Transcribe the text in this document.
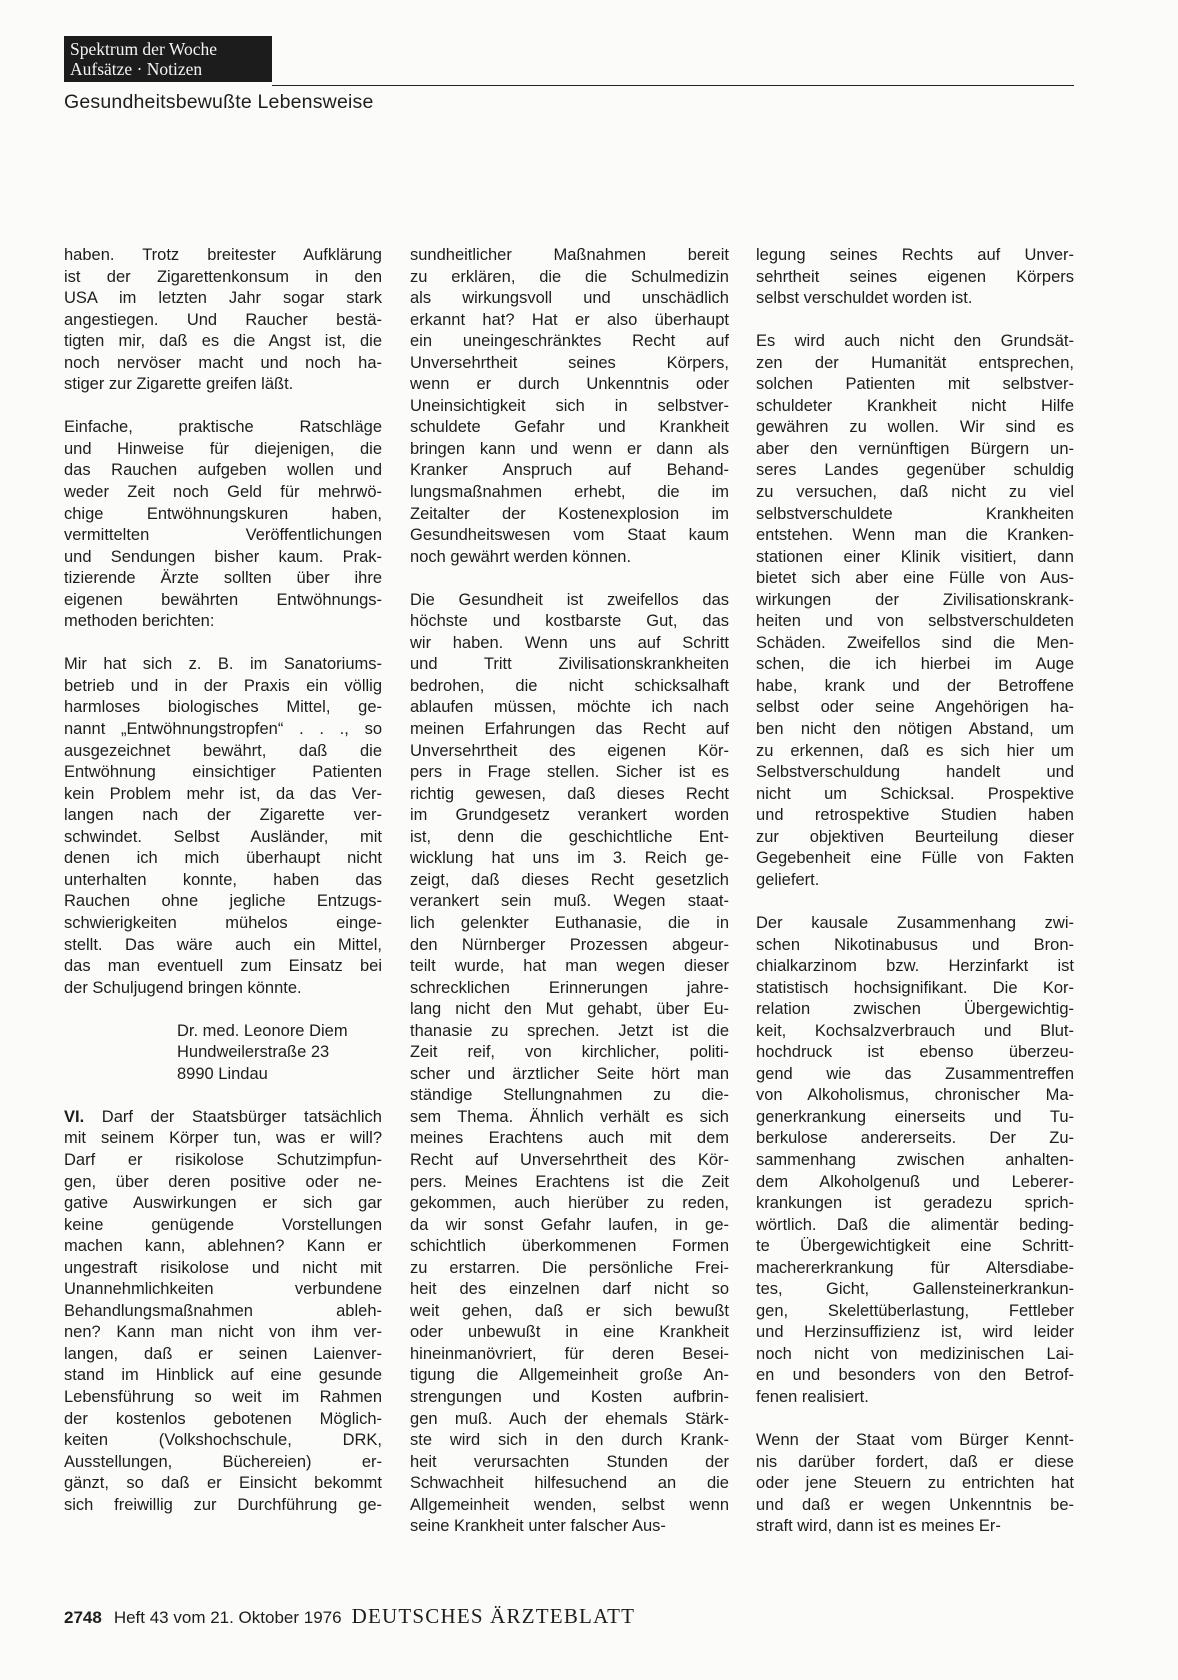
Spektrum der Woche
Aufsätze · Notizen
Gesundheitsbewußte Lebensweise

haben. Trotz breitester Aufklärung
ist der Zigarettenkonsum in den
USA im letzten Jahr sogar stark
angestiegen. Und Raucher bestä-
tigten mir, daß es die Angst ist, die
noch nervöser macht und noch ha-
stiger zur Zigarette greifen läßt.

Einfache, praktische Ratschläge
und Hinweise für diejenigen, die
das Rauchen aufgeben wollen und
weder Zeit noch Geld für mehrwö-
chige Entwöhnungskuren haben,
vermittelten Veröffentlichungen
und Sendungen bisher kaum. Prak-
tizierende Ärzte sollten über ihre
eigenen bewährten Entwöhnungs-
methoden berichten:

Mir hat sich z. B. im Sanatoriums-
betrieb und in der Praxis ein völlig
harmloses biologisches Mittel, ge-
nannt „Entwöhnungstropfen“ . . ., so
ausgezeichnet bewährt, daß die
Entwöhnung einsichtiger Patienten
kein Problem mehr ist, da das Ver-
langen nach der Zigarette ver-
schwindet. Selbst Ausländer, mit
denen ich mich überhaupt nicht
unterhalten konnte, haben das
Rauchen ohne jegliche Entzugs-
schwierigkeiten mühelos einge-
stellt. Das wäre auch ein Mittel,
das man eventuell zum Einsatz bei
der Schuljugend bringen könnte.

Dr. med. Leonore Diem
Hundweilerstraße 23
8990 Lindau

VI. Darf der Staatsbürger tatsächlich
mit seinem Körper tun, was er will?
Darf er risikolose Schutzimpfun-
gen, über deren positive oder ne-
gative Auswirkungen er sich gar
keine genügende Vorstellungen
machen kann, ablehnen? Kann er
ungestraft risikolose und nicht mit
Unannehmlichkeiten verbundene
Behandlungsmaßnahmen ableh-
nen? Kann man nicht von ihm ver-
langen, daß er seinen Laienver-
stand im Hinblick auf eine gesunde
Lebensführung so weit im Rahmen
der kostenlos gebotenen Möglich-
keiten (Volkshochschule, DRK,
Ausstellungen, Büchereien) er-
gänzt, so daß er Einsicht bekommt
sich freiwillig zur Durchführung ge-

sundheitlicher Maßnahmen bereit
zu erklären, die die Schulmedizin
als wirkungsvoll und unschädlich
erkannt hat? Hat er also überhaupt
ein uneingeschränktes Recht auf
Unversehrtheit seines Körpers,
wenn er durch Unkenntnis oder
Uneinsichtigkeit sich in selbstver-
schuldete Gefahr und Krankheit
bringen kann und wenn er dann als
Kranker Anspruch auf Behand-
lungsmaßnahmen erhebt, die im
Zeitalter der Kostenexplosion im
Gesundheitswesen vom Staat kaum
noch gewährt werden können.

Die Gesundheit ist zweifellos das
höchste und kostbarste Gut, das
wir haben. Wenn uns auf Schritt
und Tritt Zivilisationskrankheiten
bedrohen, die nicht schicksalhaft
ablaufen müssen, möchte ich nach
meinen Erfahrungen das Recht auf
Unversehrtheit des eigenen Kör-
pers in Frage stellen. Sicher ist es
richtig gewesen, daß dieses Recht
im Grundgesetz verankert worden
ist, denn die geschichtliche Ent-
wicklung hat uns im 3. Reich ge-
zeigt, daß dieses Recht gesetzlich
verankert sein muß. Wegen staat-
lich gelenkter Euthanasie, die in
den Nürnberger Prozessen abgeur-
teilt wurde, hat man wegen dieser
schrecklichen Erinnerungen jahre-
lang nicht den Mut gehabt, über Eu-
thanasie zu sprechen. Jetzt ist die
Zeit reif, von kirchlicher, politi-
scher und ärztlicher Seite hört man
ständige Stellungnahmen zu die-
sem Thema. Ähnlich verhält es sich
meines Erachtens auch mit dem
Recht auf Unversehrtheit des Kör-
pers. Meines Erachtens ist die Zeit
gekommen, auch hierüber zu reden,
da wir sonst Gefahr laufen, in ge-
schichtlich überkommenen Formen
zu erstarren. Die persönliche Frei-
heit des einzelnen darf nicht so
weit gehen, daß er sich bewußt
oder unbewußt in eine Krankheit
hineinmanövriert, für deren Besei-
tigung die Allgemeinheit große An-
strengungen und Kosten aufbrin-
gen muß. Auch der ehemals Stärk-
ste wird sich in den durch Krank-
heit verursachten Stunden der
Schwachheit hilfesuchend an die
Allgemeinheit wenden, selbst wenn
seine Krankheit unter falscher Aus-

legung seines Rechts auf Unver-
sehrtheit seines eigenen Körpers
selbst verschuldet worden ist.

Es wird auch nicht den Grundsät-
zen der Humanität entsprechen,
solchen Patienten mit selbstver-
schuldeter Krankheit nicht Hilfe
gewähren zu wollen. Wir sind es
aber den vernünftigen Bürgern un-
seres Landes gegenüber schuldig
zu versuchen, daß nicht zu viel
selbstverschuldete Krankheiten
entstehen. Wenn man die Kranken-
stationen einer Klinik visitiert, dann
bietet sich aber eine Fülle von Aus-
wirkungen der Zivilisationskrank-
heiten und von selbstverschuldeten
Schäden. Zweifellos sind die Men-
schen, die ich hierbei im Auge
habe, krank und der Betroffene
selbst oder seine Angehörigen ha-
ben nicht den nötigen Abstand, um
zu erkennen, daß es sich hier um
Selbstverschuldung handelt und
nicht um Schicksal. Prospektive
und retrospektive Studien haben
zur objektiven Beurteilung dieser
Gegebenheit eine Fülle von Fakten
geliefert.

Der kausale Zusammenhang zwi-
schen Nikotinabusus und Bron-
chialkarzinom bzw. Herzinfarkt ist
statistisch hochsignifikant. Die Kor-
relation zwischen Übergewichtig-
keit, Kochsalzverbrauch und Blut-
hochdruck ist ebenso überzeu-
gend wie das Zusammentreffen
von Alkoholismus, chronischer Ma-
generkrankung einerseits und Tu-
berkulose andererseits. Der Zu-
sammenhang zwischen anhalten-
dem Alkoholgenuß und Leberer-
krankungen ist geradezu sprich-
wörtlich. Daß die alimentär beding-
te Übergewichtigkeit eine Schritt-
machererkrankung für Altersdiabe-
tes, Gicht, Gallensteinerkrankun-
gen, Skelettüberlastung, Fettleber
und Herzinsuffizienz ist, wird leider
noch nicht von medizinischen Lai-
en und besonders von den Betrof-
fenen realisiert.

Wenn der Staat vom Bürger Kennt-
nis darüber fordert, daß er diese
oder jene Steuern zu entrichten hat
und daß er wegen Unkenntnis be-
straft wird, dann ist es meines Er-

2748 Heft 43 vom 21. Oktober 1976 DEUTSCHES ÄRZTEBLATT
